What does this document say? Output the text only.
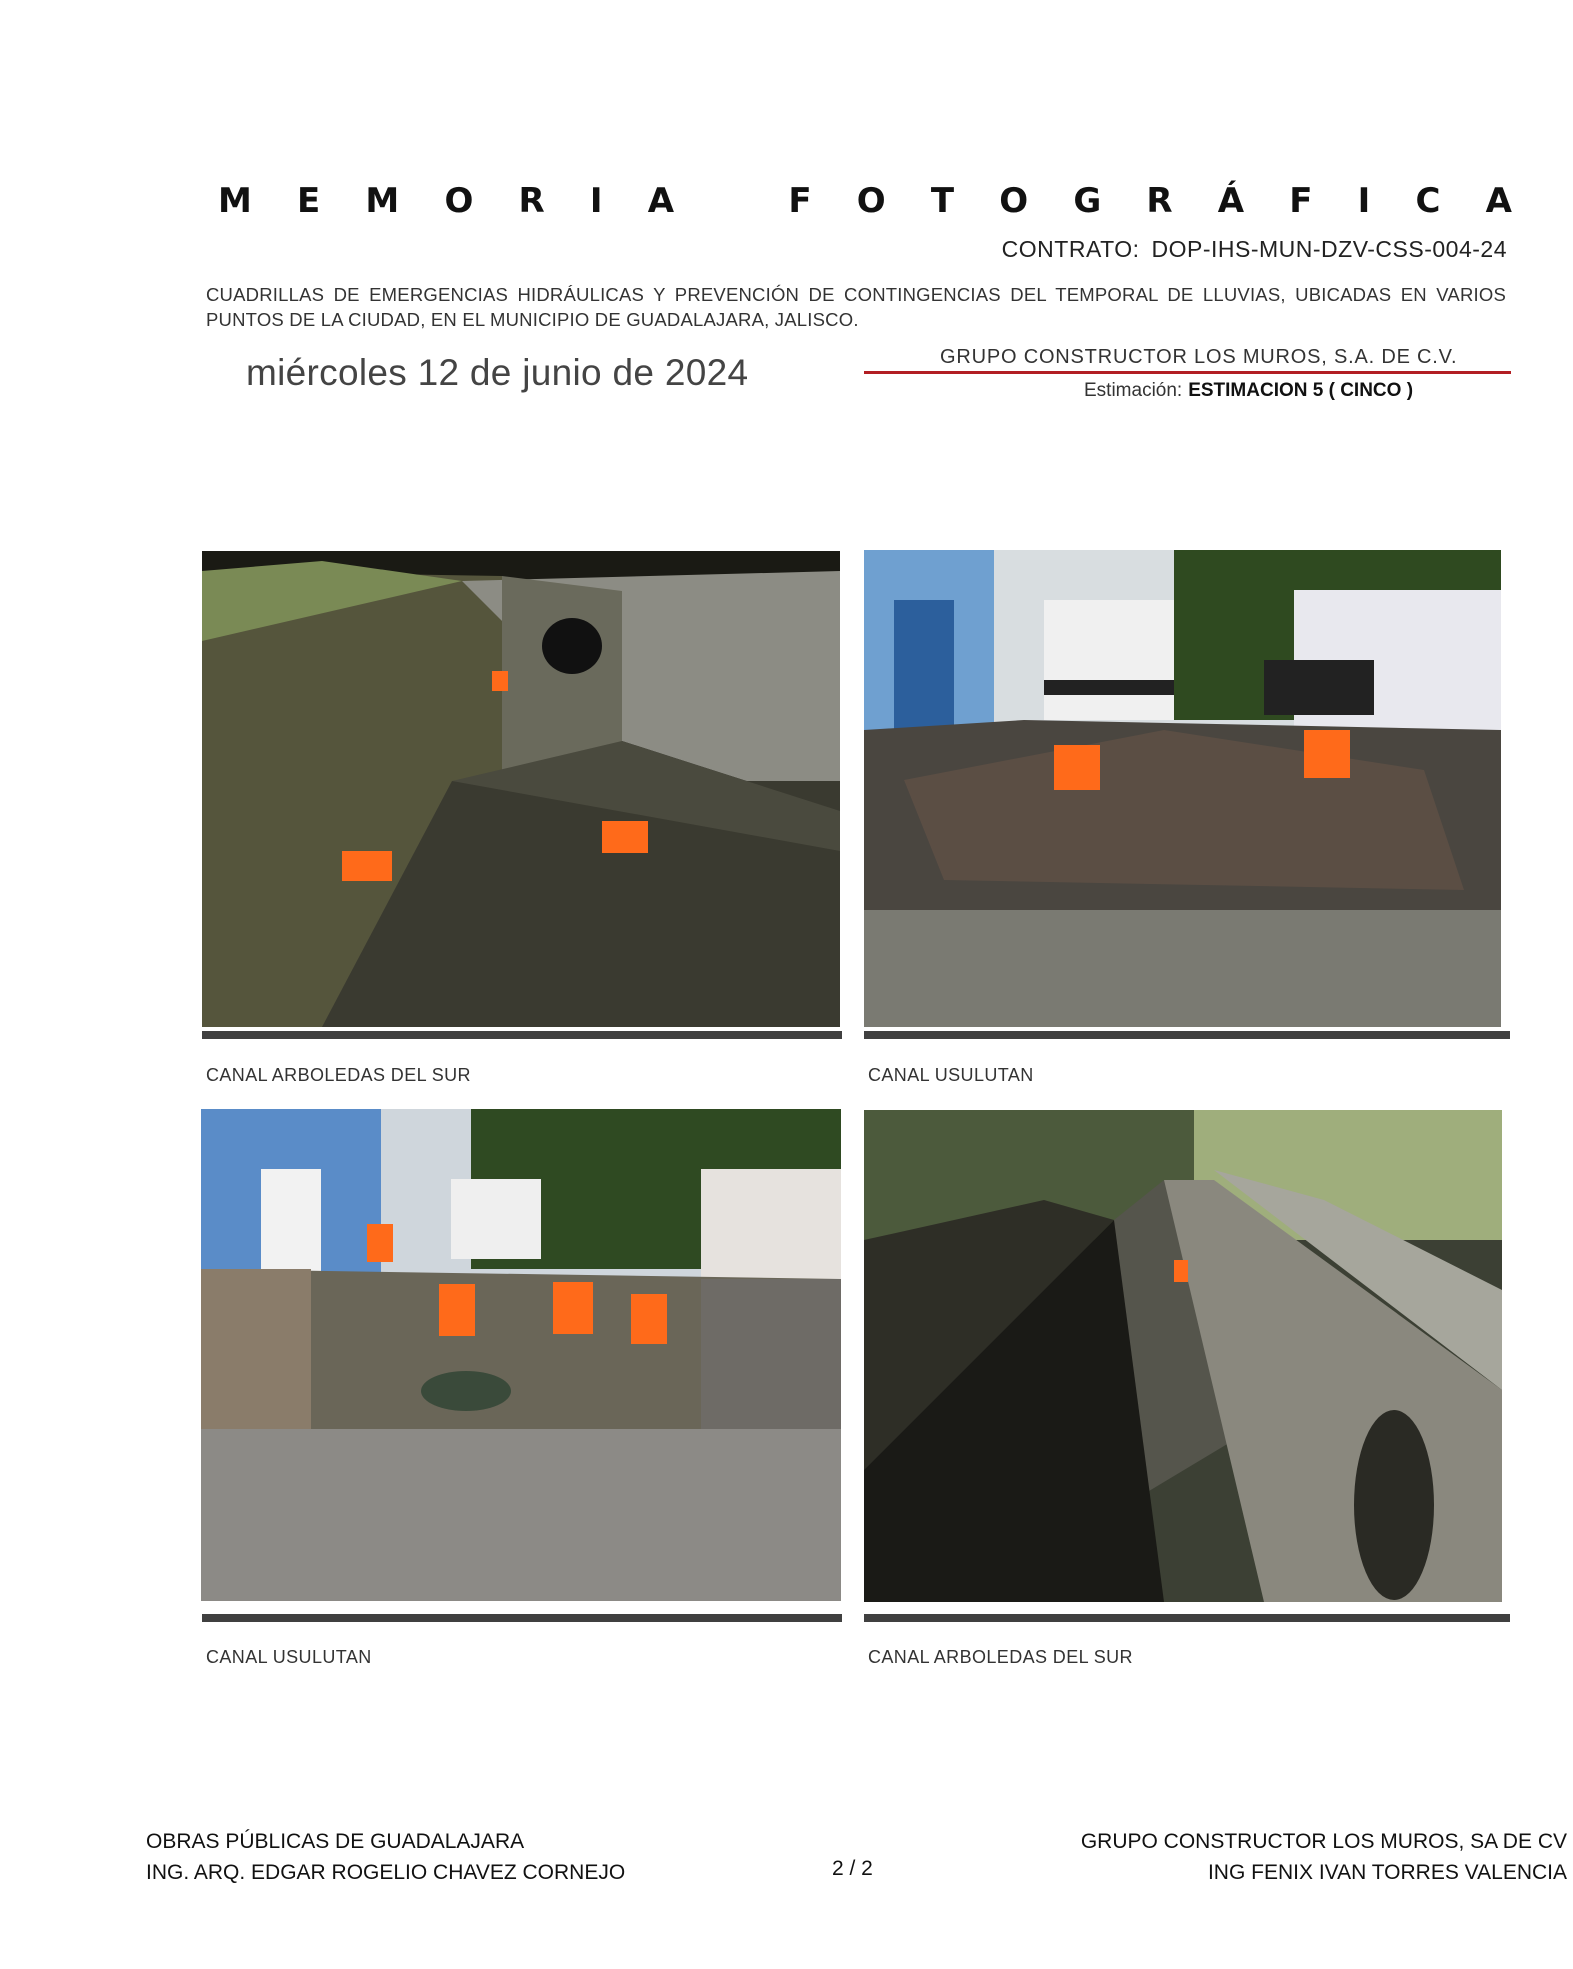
M E M O R I A	F O T O G R Á F I C A
CONTRATO: DOP-IHS-MUN-DZV-CSS-004-24
CUADRILLAS DE EMERGENCIAS HIDRÁULICAS Y PREVENCIÓN DE CONTINGENCIAS DEL TEMPORAL DE LLUVIAS, UBICADAS EN VARIOS PUNTOS DE LA CIUDAD, EN EL MUNICIPIO DE GUADALAJARA, JALISCO.
miércoles 12 de junio de 2024	GRUPO CONSTRUCTOR LOS MUROS, S.A. DE C.V.
Estimación: ESTIMACION 5 ( CINCO )
CANAL ARBOLEDAS DEL SUR	CANAL USULUTAN
CANAL USULUTAN	CANAL ARBOLEDAS DEL SUR
OBRAS PÚBLICAS DE GUADALAJARA
ING. ARQ. EDGAR ROGELIO CHAVEZ CORNEJO	2 / 2
GRUPO CONSTRUCTOR LOS MUROS, SA DE CV
ING FENIX IVAN TORRES VALENCIA
